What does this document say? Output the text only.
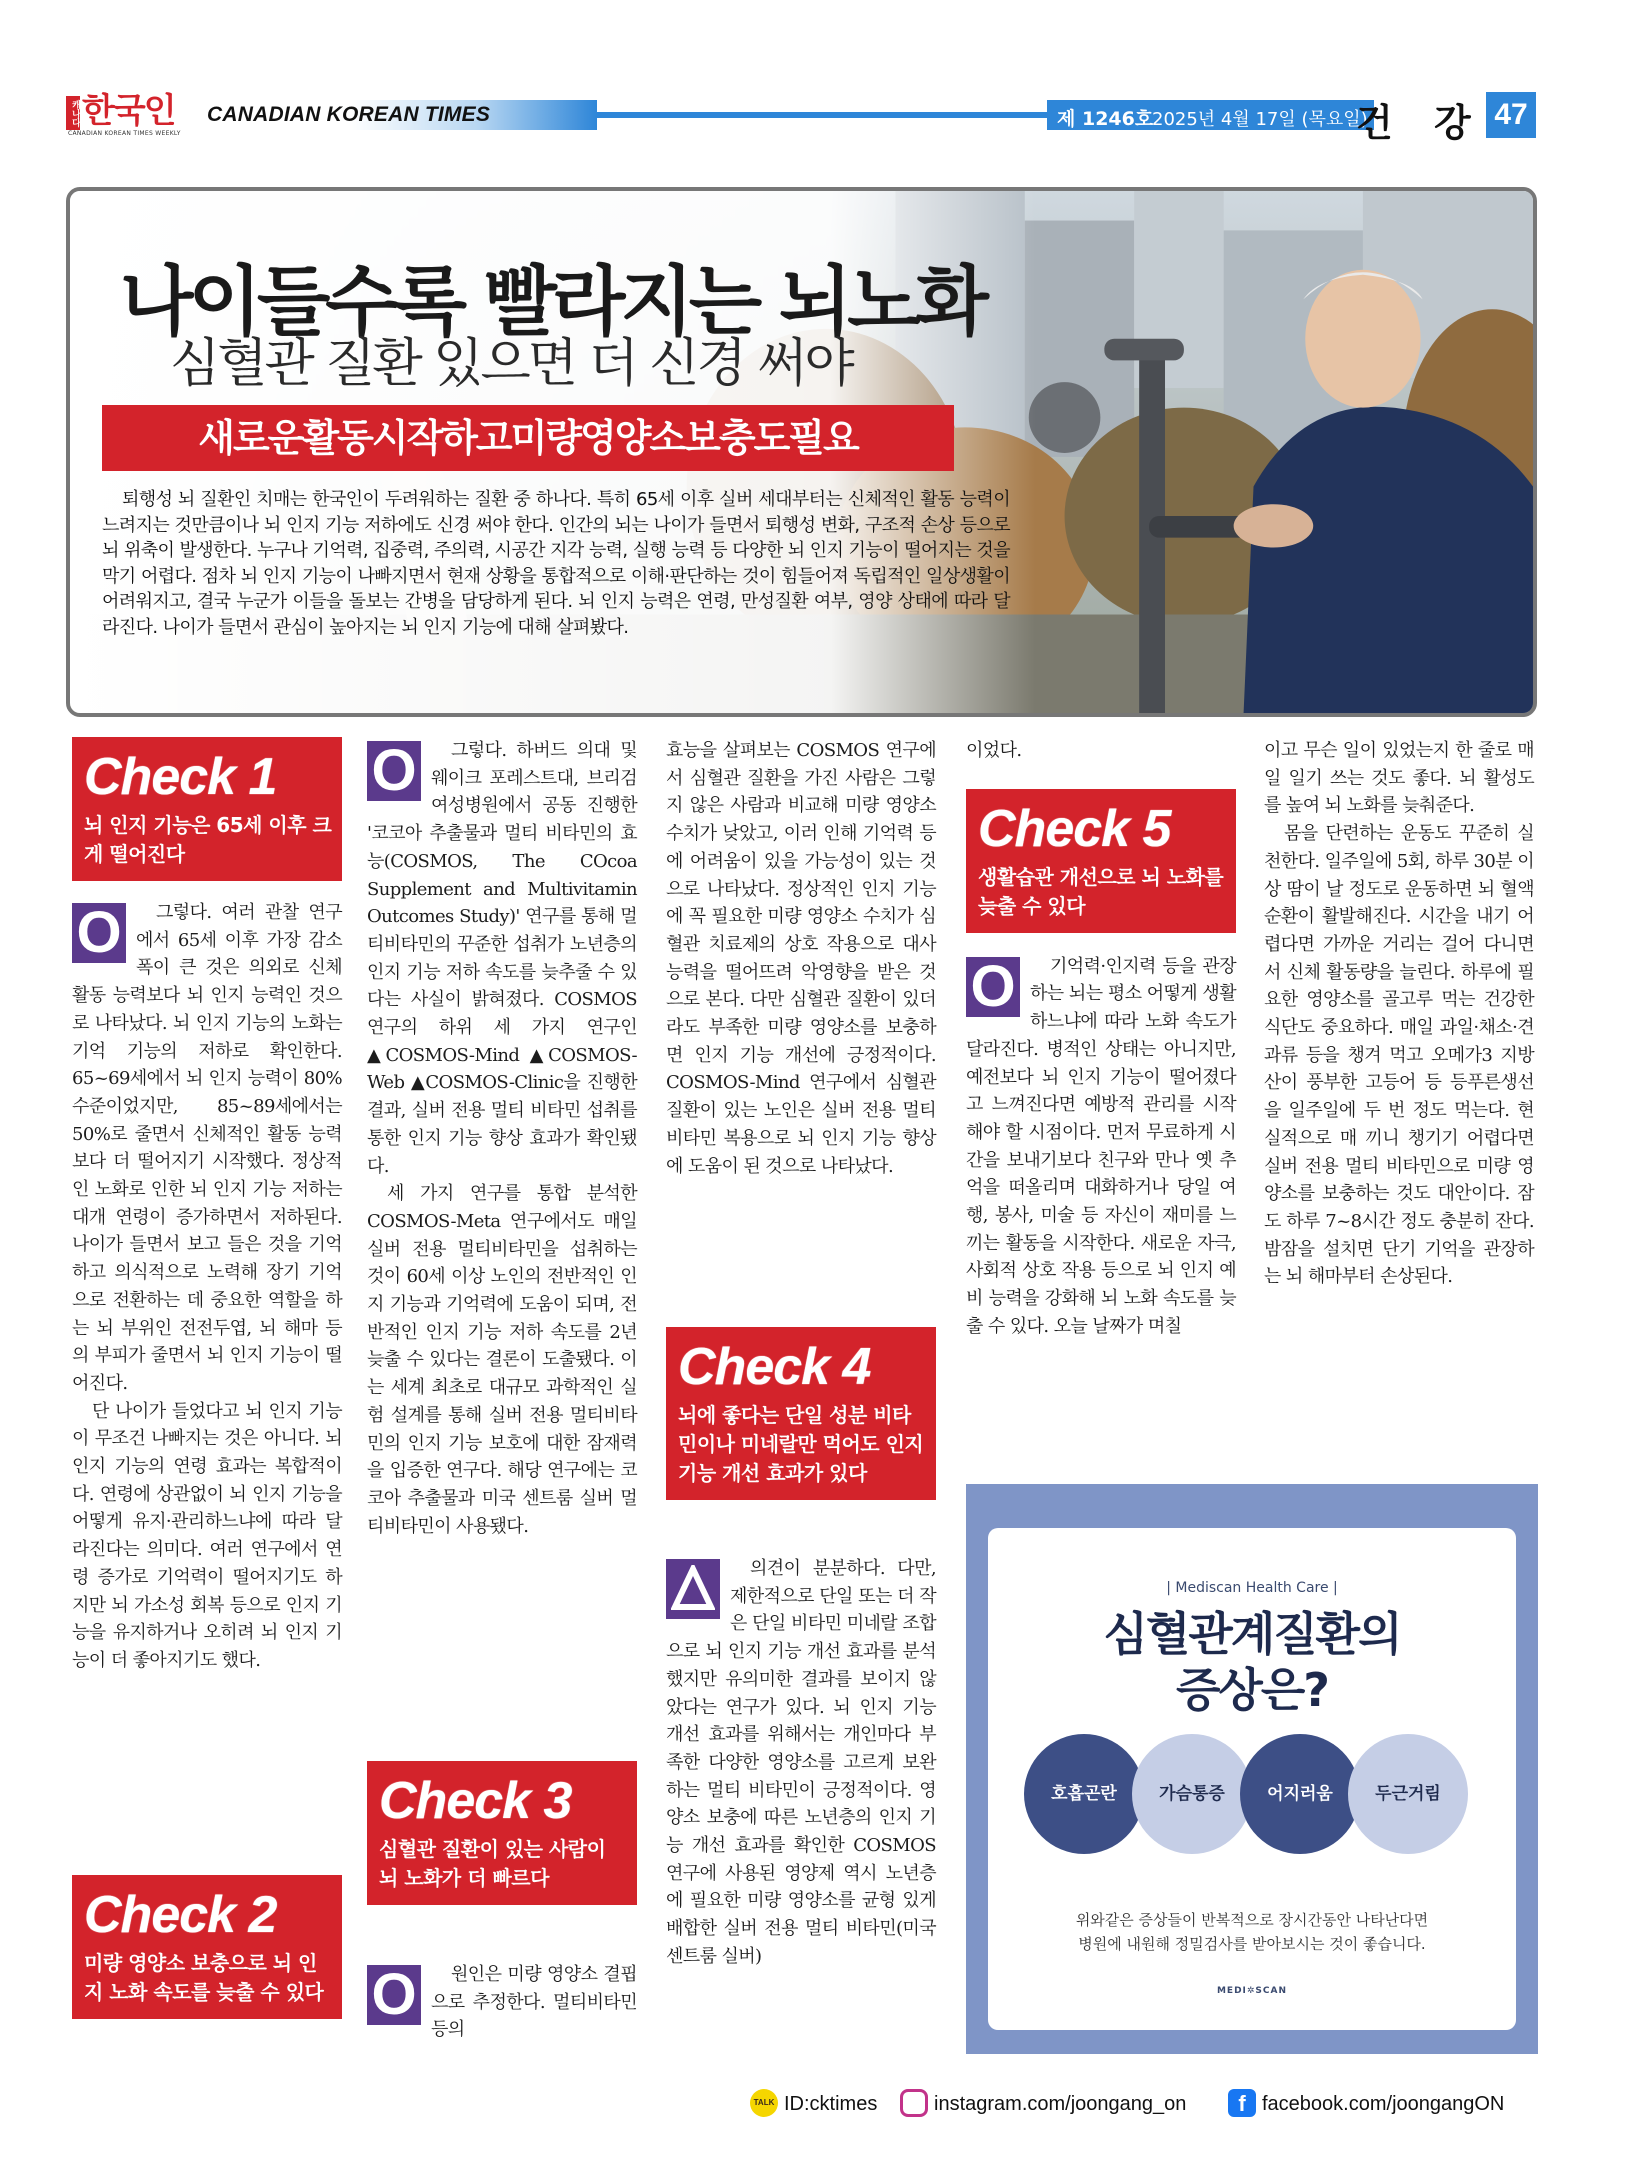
캐나다 한국인
CANADIAN KOREAN TIMES WEEKLY
CANADIAN KOREAN TIMES	제 1246호
2025년 4월 17일 (목요일)
건 강 47
나이들수록 빨라지는 뇌노화
심혈관 질환 있으면 더 신경 써야
새로운활동시작하고미량영양소보충도필요
퇴행성 뇌 질환인 치매는 한국인이 두려워하는 질환 중 하나다. 특히 65세 이후 실버 세대부터는 신체적인 활동 능력이 느려지는 것만큼이나 뇌 인지 기능 저하에도 신경 써야 한다. 인간의 뇌는 나이가 들면서 퇴행성 변화, 구조적 손상 등으로 뇌 위축이 발생한다. 누구나 기억력, 집중력, 주의력, 시공간 지각 능력, 실행 능력 등 다양한 뇌 인지 기능이 떨어지는 것을 막기 어렵다. 점차 뇌 인지 기능이 나빠지면서 현재 상황을 통합적으로 이해·판단하는 것이 힘들어져 독립적인 일상생활이 어려워지고, 결국 누군가 이들을 돌보는 간병을 담당하게 된다. 뇌 인지 능력은 연령, 만성질환 여부, 영양 상태에 따라 달라진다. 나이가 들면서 관심이 높아지는 뇌 인지 기능에 대해 살펴봤다.
Check 1
뇌 인지 기능은 65세 이후 크게 떨어진다
O	그렇다. 여러 관찰 연구에서 65세 이후 가장 감소 폭이 큰 것은 의외로 신체 활동 능력보다 뇌 인지 능력인 것으로 나타났다. 뇌 인지 기능의 노화는 기억 기능의 저하로 확인한다. 65~69세에서 뇌 인지 능력이 80% 수준이었지만, 85~89세에서는 50%로 줄면서 신체적인 활동 능력보다 더 떨어지기 시작했다. 정상적인 노화로 인한 뇌 인지 기능 저하는 대개 연령이 증가하면서 저하된다. 나이가 들면서 보고 들은 것을 기억하고 의식적으로 노력해 장기 기억으로 전환하는 데 중요한 역할을 하는 뇌 부위인 전전두엽, 뇌 해마 등의 부피가 줄면서 뇌 인지 기능이 떨어진다.

단 나이가 들었다고 뇌 인지 기능이 무조건 나빠지는 것은 아니다. 뇌 인지 기능의 연령 효과는 복합적이다. 연령에 상관없이 뇌 인지 기능을 어떻게 유지·관리하느냐에 따라 달라진다는 의미다. 여러 연구에서 연령 증가로 기억력이 떨어지기도 하지만 뇌 가소성 회복 등으로 인지 기능을 유지하거나 오히려 뇌 인지 기능이 더 좋아지기도 했다.

Check 2
미량 영양소 보충으로 뇌 인지 노화 속도를 늦출 수 있다
O	그렇다. 하버드 의대 및 웨이크 포레스트대, 브리검 여성병원에서 공동 진행한 '코코아 추출물과 멀티 비타민의 효능(COSMOS, The COcoa Supplement and Multivitamin Outcomes Study)' 연구를 통해 멀티비타민의 꾸준한 섭취가 노년층의 인지 기능 저하 속도를 늦추줄 수 있다는 사실이 밝혀졌다. COSMOS 연구의 하위 세 가지 연구인 ▲COSMOS-Mind ▲COSMOS-Web ▲COSMOS-Clinic을 진행한 결과, 실버 전용 멀티 비타민 섭취를 통한 인지 기능 향상 효과가 확인됐다.

세 가지 연구를 통합 분석한 COSMOS-Meta 연구에서도 매일 실버 전용 멀티비타민을 섭취하는 것이 60세 이상 노인의 전반적인 인지 기능과 기억력에 도움이 되며, 전반적인 인지 기능 저하 속도를 2년 늦출 수 있다는 결론이 도출됐다. 이는 세계 최초로 대규모 과학적인 실험 설계를 통해 실버 전용 멀티비타민의 인지 기능 보호에 대한 잠재력을 입증한 연구다. 해당 연구에는 코코아 추출물과 미국 센트룸 실버 멀티비타민이 사용됐다.

Check 3
심혈관 질환이 있는 사람이 뇌 노화가 더 빠르다
O	원인은 미량 영양소 결핍으로 추정한다. 멀티비타민 등의

효능을 살펴보는 COSMOS 연구에서 심혈관 질환을 가진 사람은 그렇지 않은 사람과 비교해 미량 영양소 수치가 낮았고, 이러 인해 기억력 등에 어려움이 있을 가능성이 있는 것으로 나타났다. 정상적인 인지 기능에 꼭 필요한 미량 영양소 수치가 심혈관 치료제의 상호 작용으로 대사 능력을 떨어뜨려 악영향을 받은 것으로 본다. 다만 심혈관 질환이 있더라도 부족한 미량 영양소를 보충하면 인지 기능 개선에 긍정적이다. COSMOS-Mind 연구에서 심혈관 질환이 있는 노인은 실버 전용 멀티 비타민 복용으로 뇌 인지 기능 향상에 도움이 된 것으로 나타났다.

Check 4
뇌에 좋다는 단일 성분 비타민이나 미네랄만 먹어도 인지 기능 개선 효과가 있다

의견이 분분하다. 다만, 제한적으로 단일 또는 더 작은 단일 비타민 미네랄 조합으로 뇌 인지 기능 개선 효과를 분석했지만 유의미한 결과를 보이지 않았다는 연구가 있다. 뇌 인지 기능 개선 효과를 위해서는 개인마다 부족한 다양한 영양소를 고르게 보완하는 멀티 비타민이 긍정적이다. 영양소 보충에 따른 노년층의 인지 기능 개선 효과를 확인한 COSMOS 연구에 사용된 영양제 역시 노년층에 필요한 미량 영양소를 균형 있게 배합한 실버 전용 멀티 비타민(미국 센트룸 실버)

이었다.

Check 5
생활습관 개선으로 뇌 노화를 늦출 수 있다
O	기억력·인지력 등을 관장하는 뇌는 평소 어떻게 생활하느냐에 따라 노화 속도가 달라진다. 병적인 상태는 아니지만, 예전보다 뇌 인지 기능이 떨어졌다고 느껴진다면 예방적 관리를 시작해야 할 시점이다. 먼저 무료하게 시간을 보내기보다 친구와 만나 옛 추억을 떠올리며 대화하거나 당일 여행, 봉사, 미술 등 자신이 재미를 느끼는 활동을 시작한다. 새로운 자극, 사회적 상호 작용 등으로 뇌 인지 예비 능력을 강화해 뇌 노화 속도를 늦출 수 있다. 오늘 날짜가 며칠

이고 무슨 일이 있었는지 한 줄로 매일 일기 쓰는 것도 좋다. 뇌 활성도를 높여 뇌 노화를 늦춰준다.

몸을 단련하는 운동도 꾸준히 실천한다. 일주일에 5회, 하루 30분 이상 땀이 날 정도로 운동하면 뇌 혈액순환이 활발해진다. 시간을 내기 어렵다면 가까운 거리는 걸어 다니면서 신체 활동량을 늘린다. 하루에 필요한 영양소를 골고루 먹는 건강한 식단도 중요하다. 매일 과일·채소·견과류 등을 챙겨 먹고 오메가3 지방산이 풍부한 고등어 등 등푸른생선을 일주일에 두 번 정도 먹는다. 현실적으로 매 끼니 챙기기 어렵다면 실버 전용 멀티 비타민으로 미량 영양소를 보충하는 것도 대안이다. 잠도 하루 7~8시간 정도 충분히 잔다. 밤잠을 설치면 단기 기억을 관장하는 뇌 해마부터 손상된다.

| Mediscan Health Care |
심혈관계질환의
증상은?
호흡곤란	가슴통증	어지러움	두근거림
위와같은 증상들이 반복적으로 장시간동안 나타난다면
병원에 내원해 정밀검사를 받아보시는 것이 좋습니다.
MEDI✲SCAN
TALK ID:cktimes	instagram.com/joongang_on	f facebook.com/joongangON
